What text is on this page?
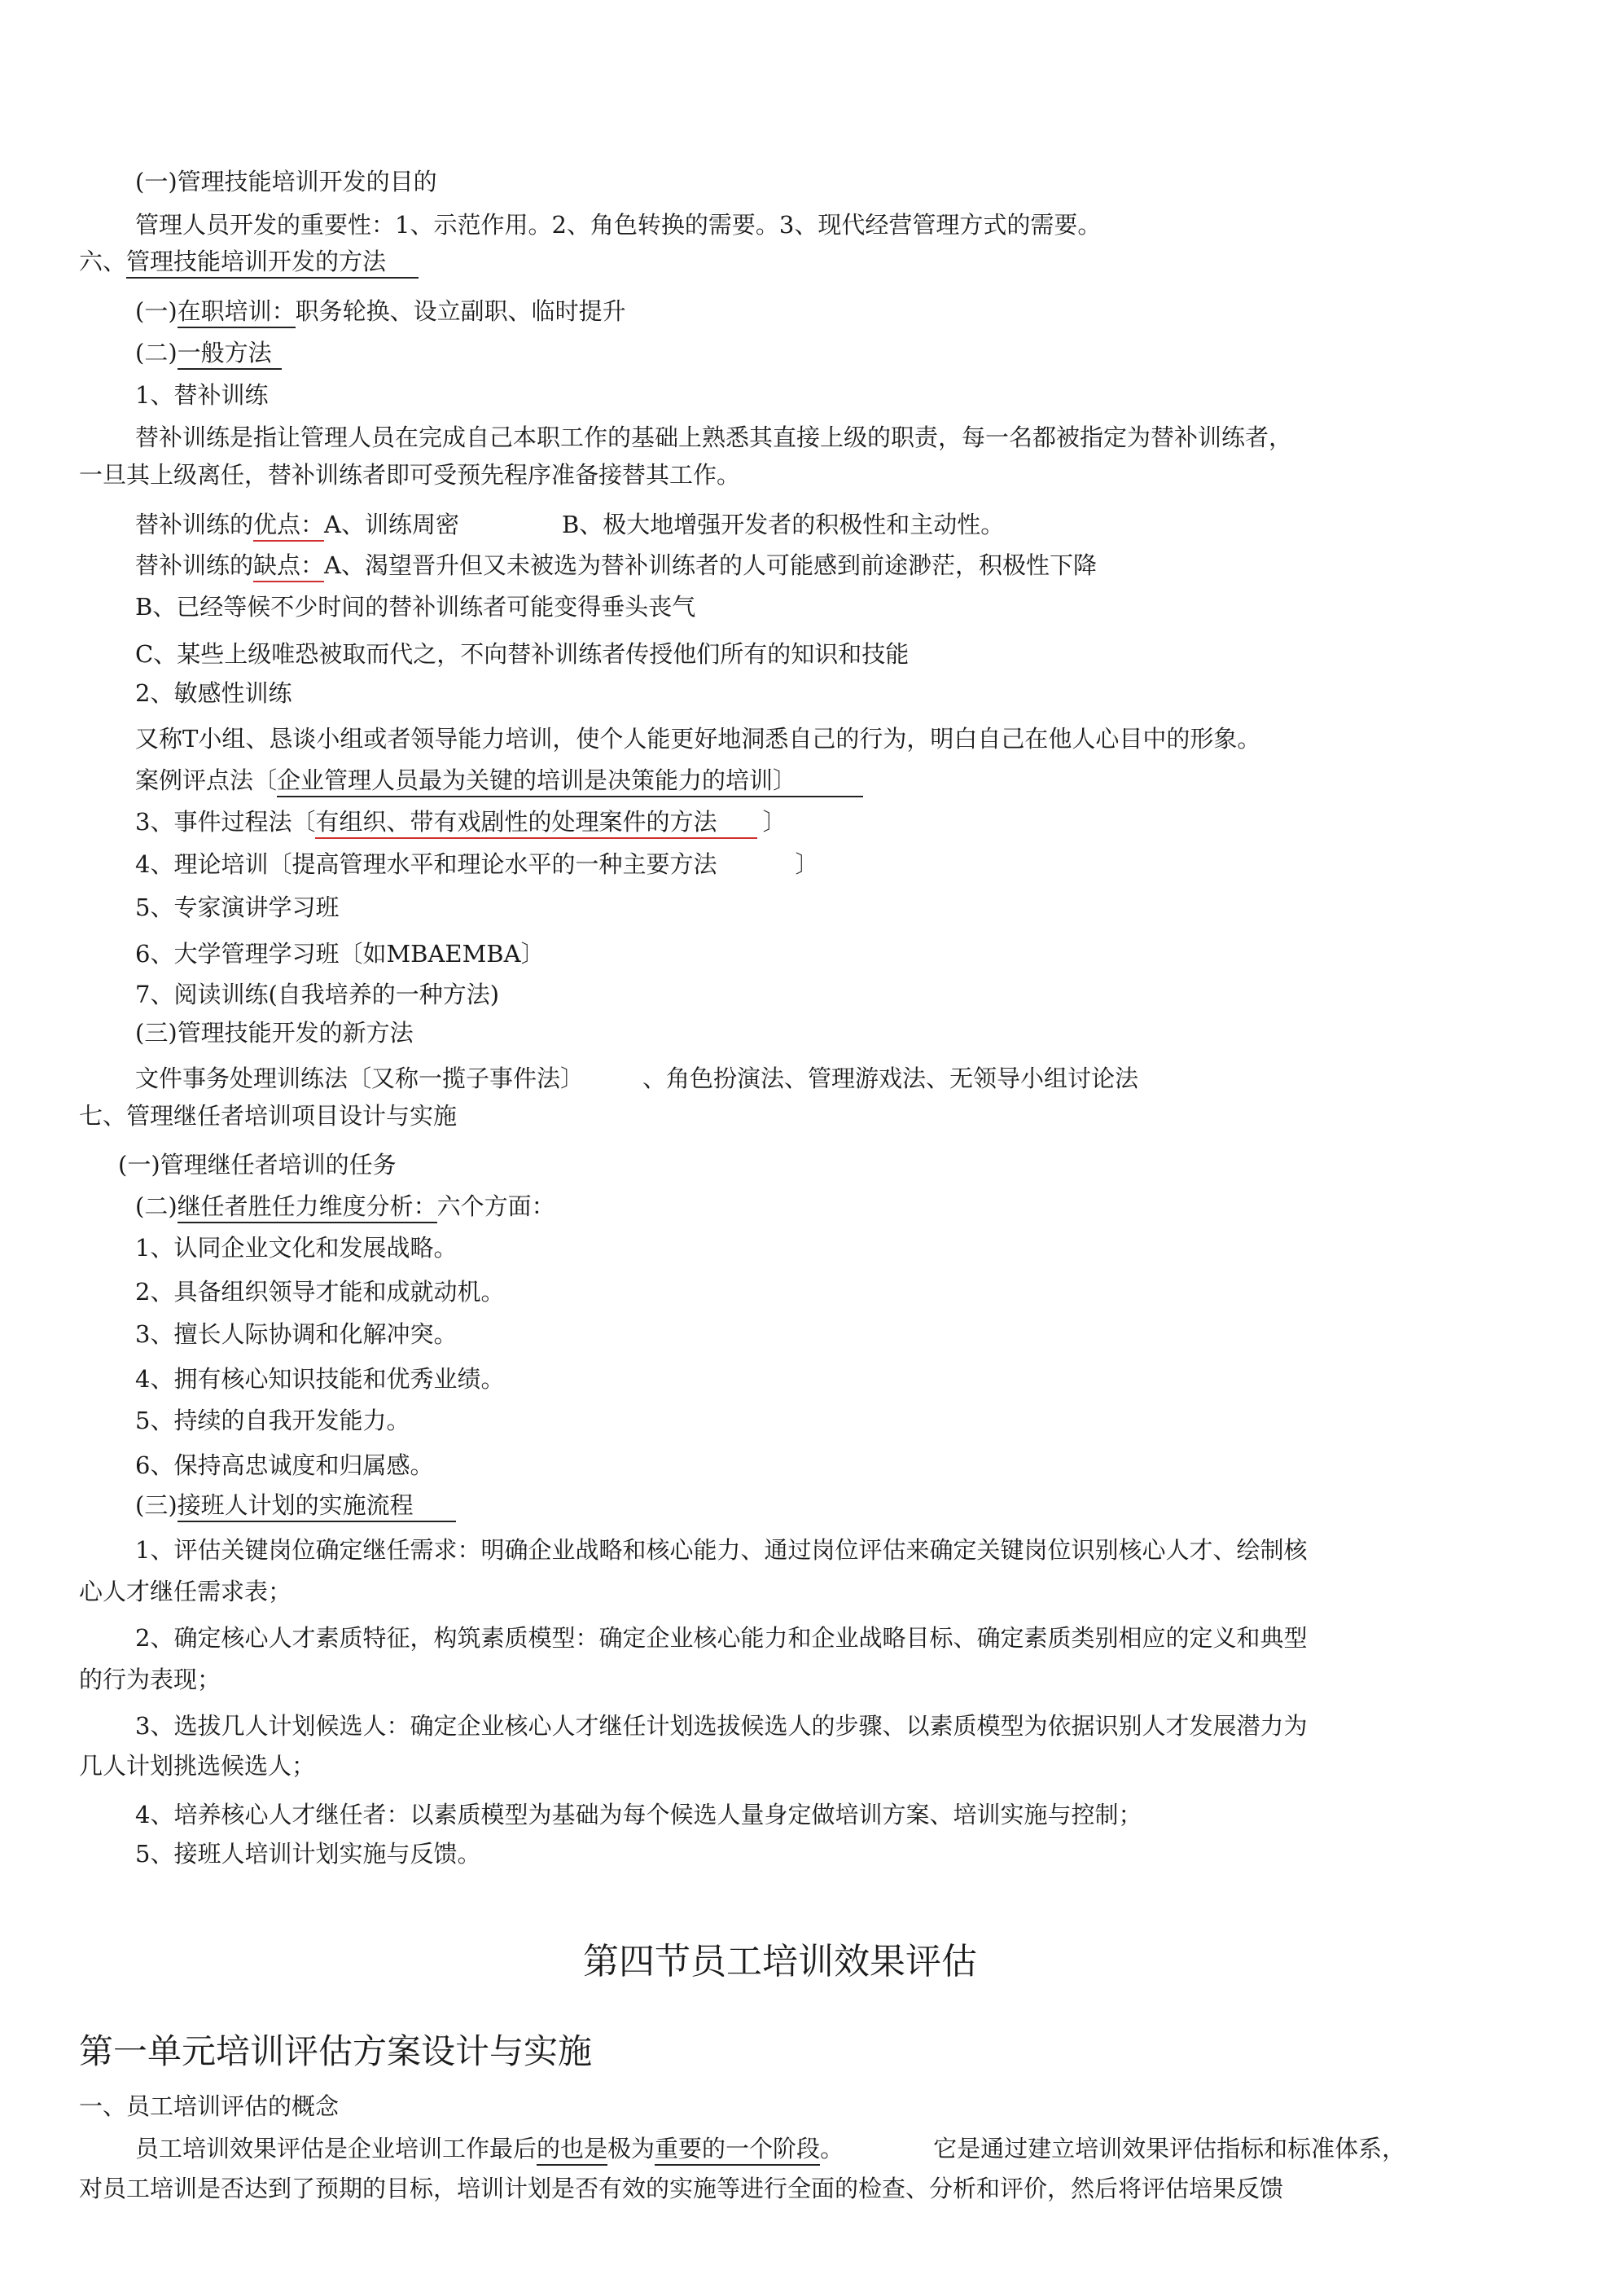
(一)管理技能培训开发的目的
管理人员开发的重要性：1、示范作用。2、角色转换的需要。3、现代经营管理方式的需要。
六、管理技能培训开发的方法
(一)在职培训：职务轮换、设立副职、临时提升
(二)一般方法
1、替补训练
替补训练是指让管理人员在完成自己本职工作的基础上熟悉其直接上级的职责，每一名都被指定为替补训练者，
一旦其上级离任，替补训练者即可受预先程序准备接替其工作。
替补训练的优点：A、训练周密	B、极大地增强开发者的积极性和主动性。
替补训练的缺点：A、渴望晋升但又未被选为替补训练者的人可能感到前途渺茫，积极性下降
B、已经等候不少时间的替补训练者可能变得垂头丧气
C、某些上级唯恐被取而代之，不向替补训练者传授他们所有的知识和技能
2、敏感性训练
又称T小组、恳谈小组或者领导能力培训，使个人能更好地洞悉自己的行为，明白自己在他人心目中的形象。
案例评点法〔企业管理人员最为关键的培训是决策能力的培训〕
3、事件过程法〔有组织、带有戏剧性的处理案件的方法 〕
4、理论培训〔提高管理水平和理论水平的一种主要方法	〕
5、专家演讲学习班
6、大学管理学习班〔如MBAEMBA〕
7、阅读训练(自我培养的一种方法)
(三)管理技能开发的新方法
文件事务处理训练法〔又称一揽子事件法〕 、角色扮演法、管理游戏法、无领导小组讨论法
七、管理继任者培训项目设计与实施
(一)管理继任者培训的任务
(二)继任者胜任力维度分析：六个方面：
1、认同企业文化和发展战略。
2、具备组织领导才能和成就动机。
3、擅长人际协调和化解冲突。
4、拥有核心知识技能和优秀业绩。
5、持续的自我开发能力。
6、保持高忠诚度和归属感。
(三)接班人计划的实施流程
1、评估关键岗位确定继任需求：明确企业战略和核心能力、通过岗位评估来确定关键岗位识别核心人才、绘制核
心人才继任需求表；
2、确定核心人才素质特征，构筑素质模型：确定企业核心能力和企业战略目标、确定素质类别相应的定义和典型
的行为表现；
3、选拔几人计划候选人：确定企业核心人才继任计划选拔候选人的步骤、以素质模型为依据识别人才发展潜力为
几人计划挑选候选人；
4、培养核心人才继任者：以素质模型为基础为每个候选人量身定做培训方案、培训实施与控制；
5、接班人培训计划实施与反馈。
第四节员工培训效果评估
第一单元培训评估方案设计与实施
一、员工培训评估的概念
员工培训效果评估是企业培训工作最后的也是极为重要的一个阶段。	它是通过建立培训效果评估指标和标准体系，
对员工培训是否达到了预期的目标，培训计划是否有效的实施等进行全面的检查、分析和评价，然后将评估培果反馈
